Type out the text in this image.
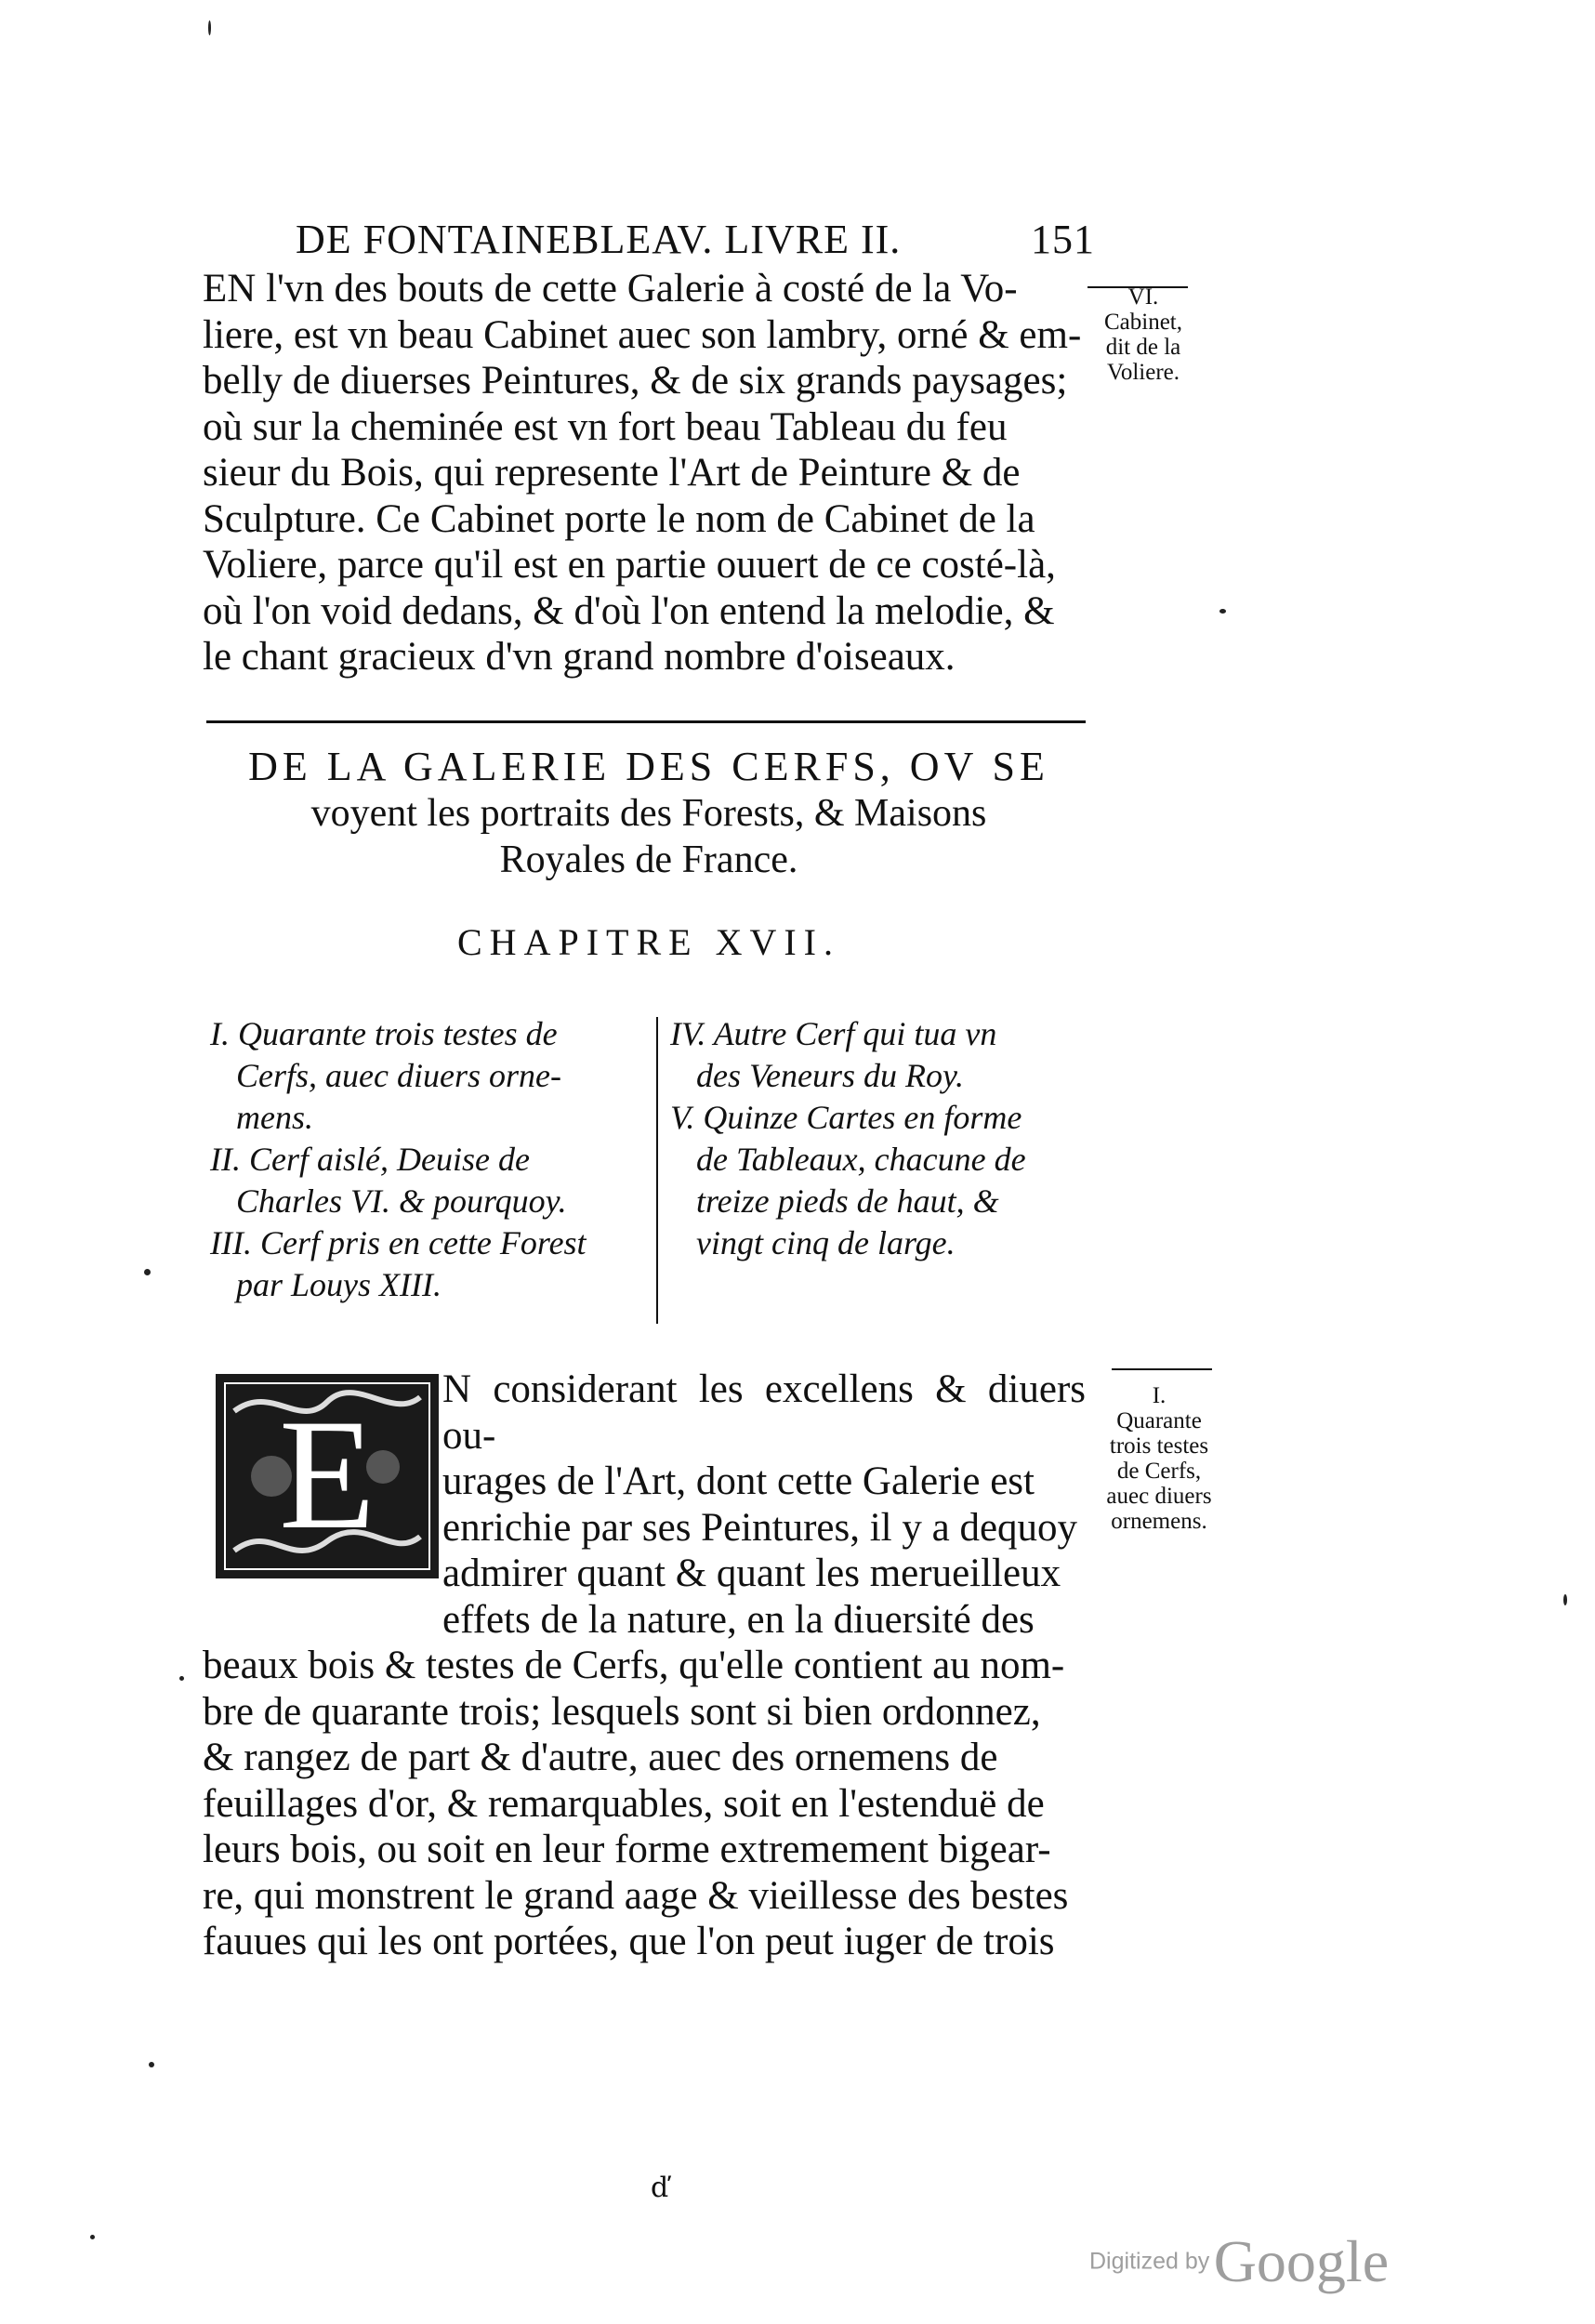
DE FONTAINEBLEAV. LIVRE II.	151
EN l'vn des bouts de cette Galerie à costé de la Vo-
liere, est vn beau Cabinet auec son lambry, orné & em-
belly de diuerses Peintures, & de six grands paysages;
où sur la cheminée est vn fort beau Tableau du feu
sieur du Bois, qui represente l'Art de Peinture & de
Sculpture. Ce Cabinet porte le nom de Cabinet de la
Voliere, parce qu'il est en partie ouuert de ce costé-là,
où l'on void dedans, & d'où l'on entend la melodie, &
le chant gracieux d'vn grand nombre d'oiseaux.
VI.
Cabinet,
dit de la
Voliere.
DE LA GALERIE DES CERFS, OV SE
voyent les portraits des Forests, & Maisons
Royales de France.
CHAPITRE XVII.

I. Quarante trois testes de

Cerfs, auec diuers orne-

mens.

II. Cerf aislé, Deuise de

Charles VI. & pourquoy.

III. Cerf pris en cette Forest

par Louys XIII.

IV. Autre Cerf qui tua vn

des Veneurs du Roy.

V. Quinze Cartes en forme

de Tableaux, chacune de

treize pieds de haut, &

vingt cinq de large.

E	N considerant les excellens & diuers ou-
urages de l'Art, dont cette Galerie est
enrichie par ses Peintures, il y a dequoy
admirer quant & quant les merueilleux
effets de la nature, en la diuersité des
beaux bois & testes de Cerfs, qu'elle contient au nom-
bre de quarante trois; lesquels sont si bien ordonnez,
& rangez de part & d'autre, auec des ornemens de
feuillages d'or, & remarquables, soit en l'estenduë de
leurs bois, ou soit en leur forme extremement bigear-
re, qui monstrent le grand aage & vieillesse des bestes
fauues qui les ont portées, que l'on peut iuger de trois
I.
Quarante
trois testes
de Cerfs,
auec diuers
ornemens.
ď
Digitized by Google
